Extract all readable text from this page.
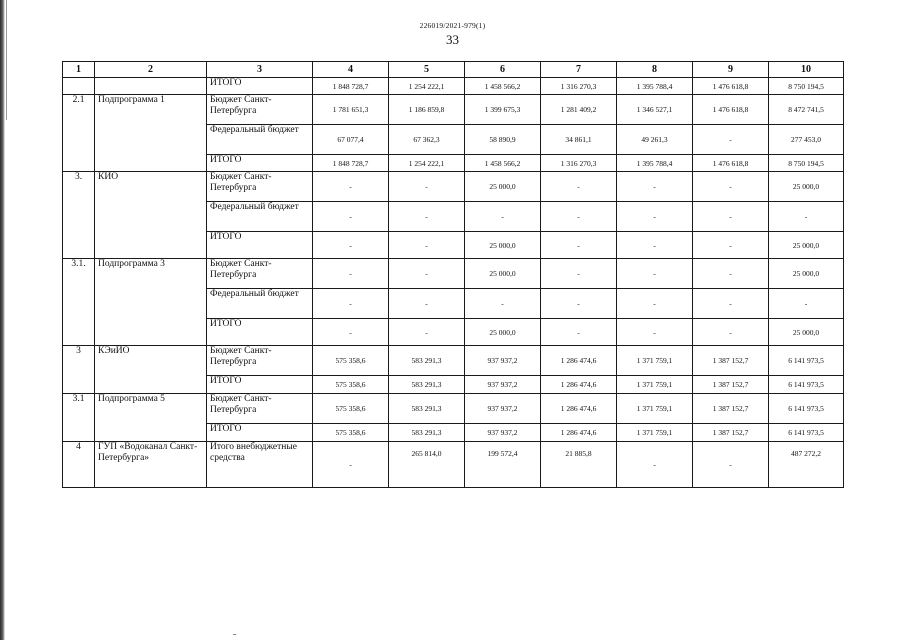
226019/2021-979(1)
33
1	2	3	4	5	6	7	8	9	10
		ИТОГО	1 848 728,7	1 254 222,1	1 458 566,2	1 316 270,3	1 395 788,4	1 476 618,8	8 750 194,5
2.1	Подпрограмма 1	Бюджет Санкт-Петербурга	1 781 651,3	1 186 859,8	1 399 675,3	1 281 409,2	1 346 527,1	1 476 618,8	8 472 741,5
		Федеральный бюджет	67 077,4	67 362,3	58 890,9	34 861,1	49 261,3	-	277 453,0
		ИТОГО	1 848 728,7	1 254 222,1	1 458 566,2	1 316 270,3	1 395 788,4	1 476 618,8	8 750 194,5
3.	КИО	Бюджет Санкт-Петербурга	-	-	25 000,0	-	-	-	25 000,0
		Федеральный бюджет	-	-	-	-	-	-	-
		ИТОГО	-	-	25 000,0	-	-	-	25 000,0
3.1.	Подпрограмма 3	Бюджет Санкт-Петербурга	-	-	25 000,0	-	-	-	25 000,0
		Федеральный бюджет	-	-	-	-	-	-	-
		ИТОГО	-	-	25 000,0	-	-	-	25 000,0
3	КЭиИО	Бюджет Санкт-Петербурга	575 358,6	583 291,3	937 937,2	1 286 474,6	1 371 759,1	1 387 152,7	6 141 973,5
		ИТОГО	575 358,6	583 291,3	937 937,2	1 286 474,6	1 371 759,1	1 387 152,7	6 141 973,5
3.1	Подпрограмма 5	Бюджет Санкт-Петербурга	575 358,6	583 291,3	937 937,2	1 286 474,6	1 371 759,1	1 387 152,7	6 141 973,5
		ИТОГО	575 358,6	583 291,3	937 937,2	1 286 474,6	1 371 759,1	1 387 152,7	6 141 973,5
4	ГУП «Водоканал Санкт-Петербурга»	Итого внебюджетные средства	-	265 814,0	199 572,4	21 885,8	-	-	487 272,2
